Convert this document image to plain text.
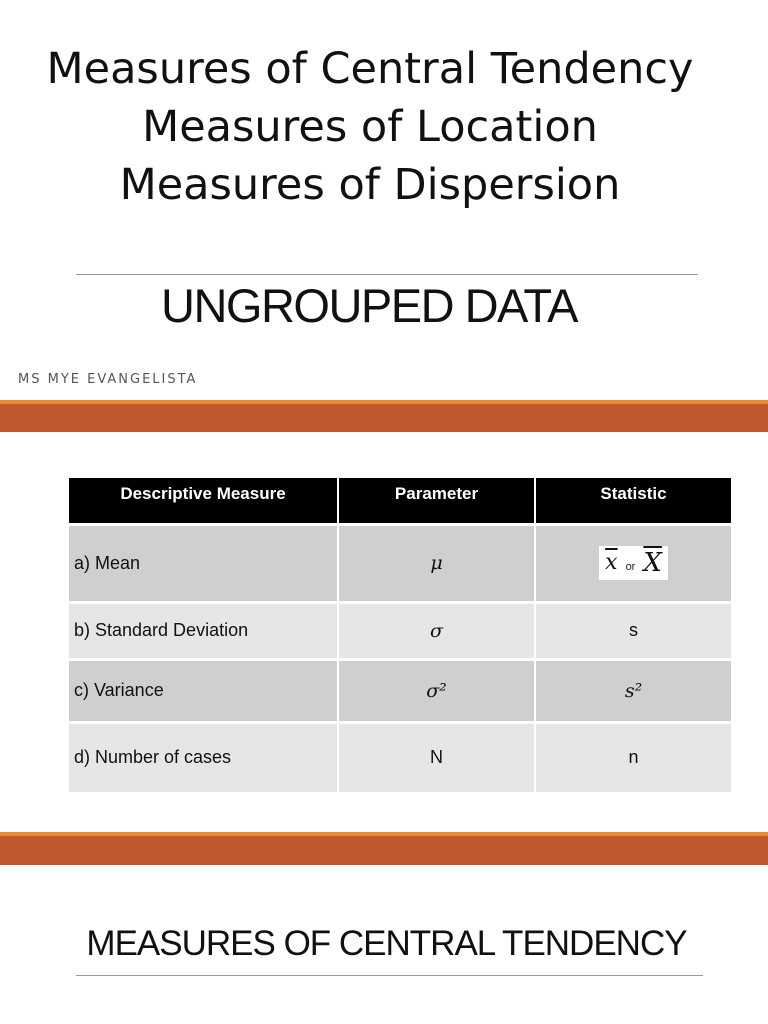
Measures of Central Tendency
Measures of Location
Measures of Dispersion
UNGROUPED DATA
MS MYE EVANGELISTA
Descriptive Measure	Parameter	Statistic
a) Mean	μ	$\overline{x}$ or $\overline{X}$

b) Standard Deviation	σ	s
c) Variance	σ²	s²
d) Number of cases	N	n
MEASURES OF CENTRAL TENDENCY
